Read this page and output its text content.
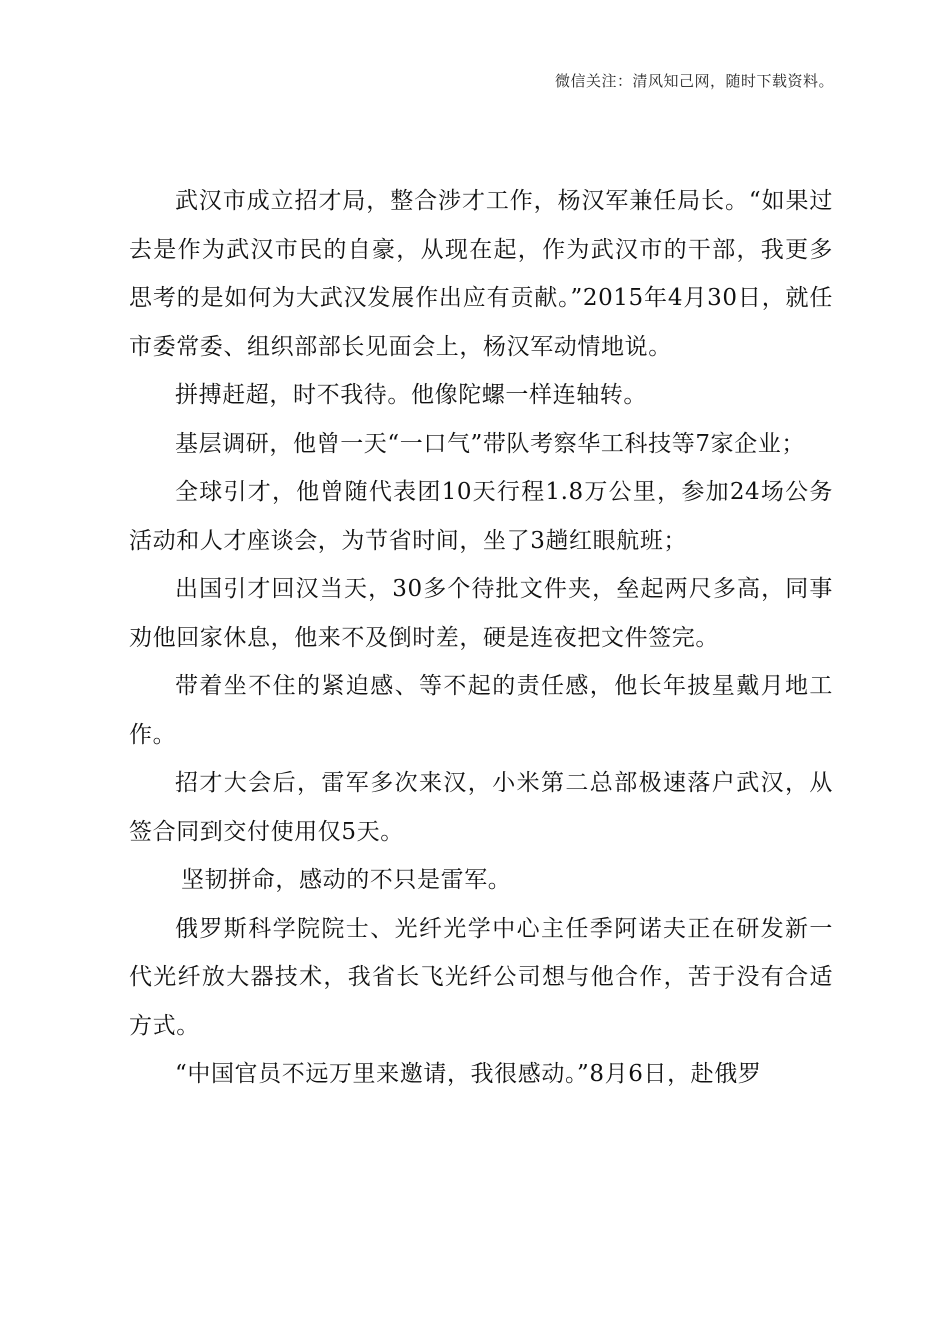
微信关注：清风知己网，随时下载资料。

武汉市成立招才局，整合涉才工作，杨汉军兼任局长。“如果过去是作为武汉市民的自豪，从现在起，作为武汉市的干部，我更多思考的是如何为大武汉发展作出应有贡献。”2015年4月30日，就任市委常委、组织部部长见面会上，杨汉军动情地说。

拼搏赶超，时不我待。他像陀螺一样连轴转。

基层调研，他曾一天“一口气”带队考察华工科技等7家企业；

全球引才，他曾随代表团10天行程1.8万公里，参加24场公务活动和人才座谈会，为节省时间，坐了3趟红眼航班；

出国引才回汉当天，30多个待批文件夹，垒起两尺多高，同事劝他回家休息，他来不及倒时差，硬是连夜把文件签完。

带着坐不住的紧迫感、等不起的责任感，他长年披星戴月地工作。

招才大会后，雷军多次来汉，小米第二总部极速落户武汉，从签合同到交付使用仅5天。

坚韧拼命，感动的不只是雷军。

俄罗斯科学院院士、光纤光学中心主任季阿诺夫正在研发新一代光纤放大器技术，我省长飞光纤公司想与他合作，苦于没有合适方式。

“中国官员不远万里来邀请，我很感动。”8月6日，赴俄罗
